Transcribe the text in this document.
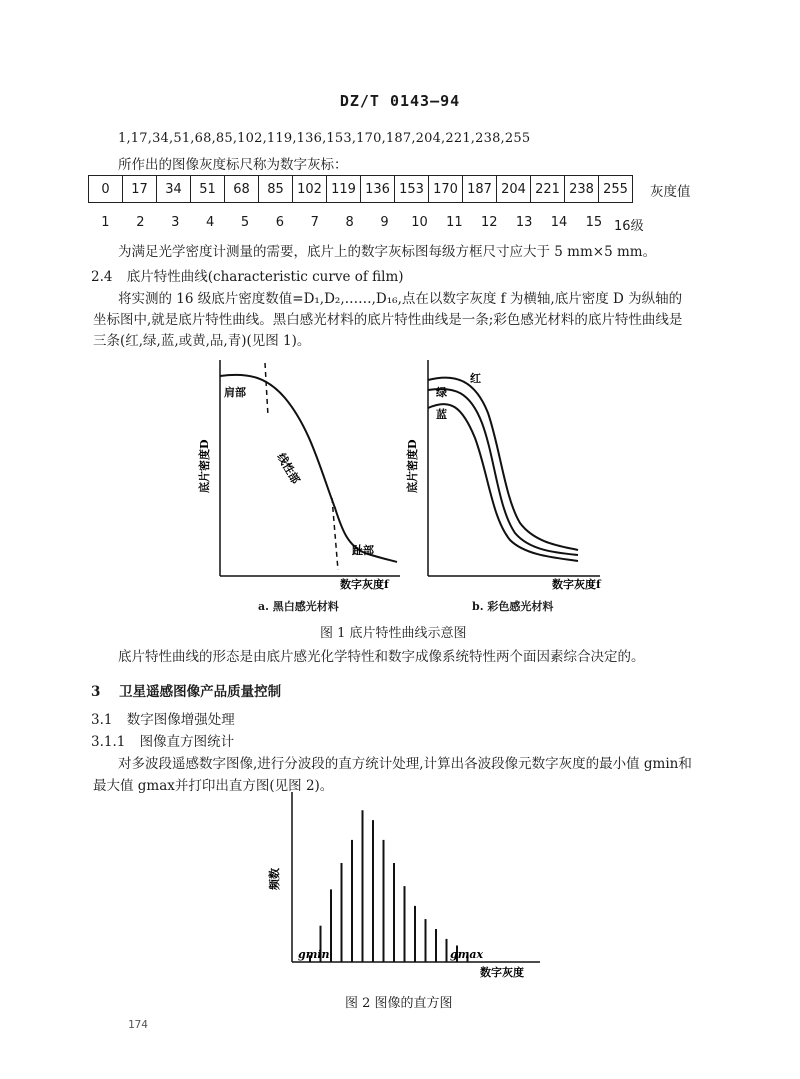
DZ/T 0143—94
1,17,34,51,68,85,102,119,136,153,170,187,204,221,238,255
所作出的图像灰度标尺称为数字灰标：
0	17	34	51	68	85	102	119	136	153	170	187	204	221	238	255 灰度值
1	2	3	4	5	6	7	8	9	10	11	12	13	14	15 16级
为满足光学密度计测量的需要，底片上的数字灰标图每级方框尺寸应大于 5 mm×5 mm。
2.4 底片特性曲线(characteristic curve of film)
将实测的 16 级底片密度数值=D₁,D₂,……,D₁₆,点在以数字灰度 f 为横轴,底片密度 D 为纵轴的
坐标图中,就是底片特性曲线。黑白感光材料的底片特性曲线是一条;彩色感光材料的底片特性曲线是
三条(红,绿,蓝,或黄,品,青)(见图 1)。
肩部
线性部
趾部
底片密度D
数字灰度f
a. 黑白感光材料
红
绿
蓝
底片密度D
数字灰度f
b. 彩色感光材料
图 1 底片特性曲线示意图
底片特性曲线的形态是由底片感光化学特性和数字成像系统特性两个面因素综合决定的。
3 卫星遥感图像产品质量控制
3.1 数字图像增强处理
3.1.1 图像直方图统计
对多波段遥感数字图像,进行分波段的直方统计处理,计算出各波段像元数字灰度的最小值 gmin和
最大值 gmax并打印出直方图(见图 2)。
频数
gmin	gmax
数字灰度
图 2 图像的直方图
174
